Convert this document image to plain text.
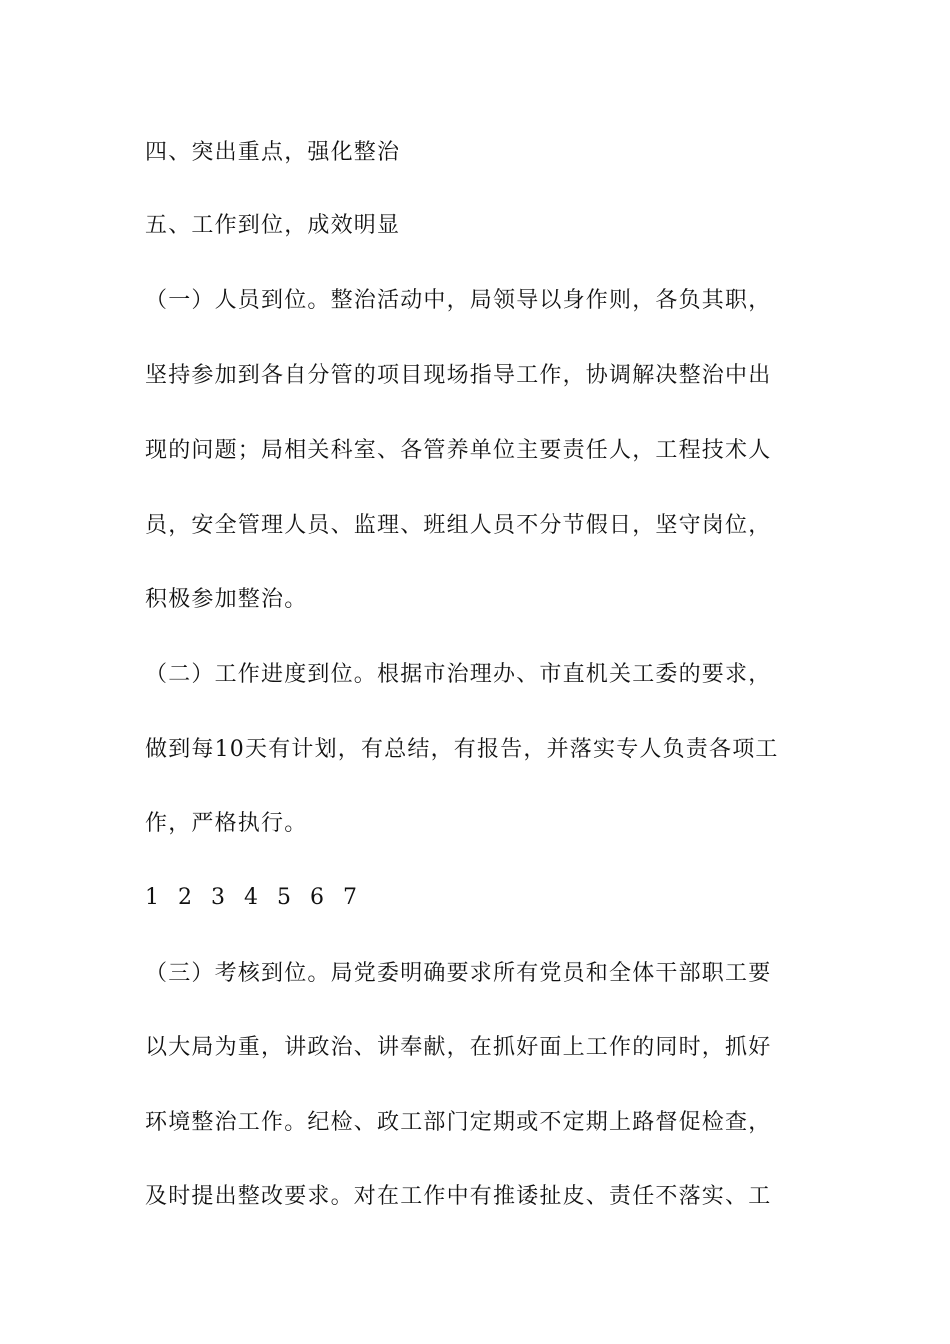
四、突出重点，强化整治
五、工作到位，成效明显
（一）人员到位。整治活动中，局领导以身作则，各负其职，
坚持参加到各自分管的项目现场指导工作，协调解决整治中出
现的问题；局相关科室、各管养单位主要责任人，工程技术人
员，安全管理人员、监理、班组人员不分节假日，坚守岗位，
积极参加整治。
（二）工作进度到位。根据市治理办、市直机关工委的要求，
做到每10天有计划，有总结，有报告，并落实专人负责各项工
作，严格执行。
1 2 3 4 5 6 7
（三）考核到位。局党委明确要求所有党员和全体干部职工要
以大局为重，讲政治、讲奉献，在抓好面上工作的同时，抓好
环境整治工作。纪检、政工部门定期或不定期上路督促检查，
及时提出整改要求。对在工作中有推诿扯皮、责任不落实、工
